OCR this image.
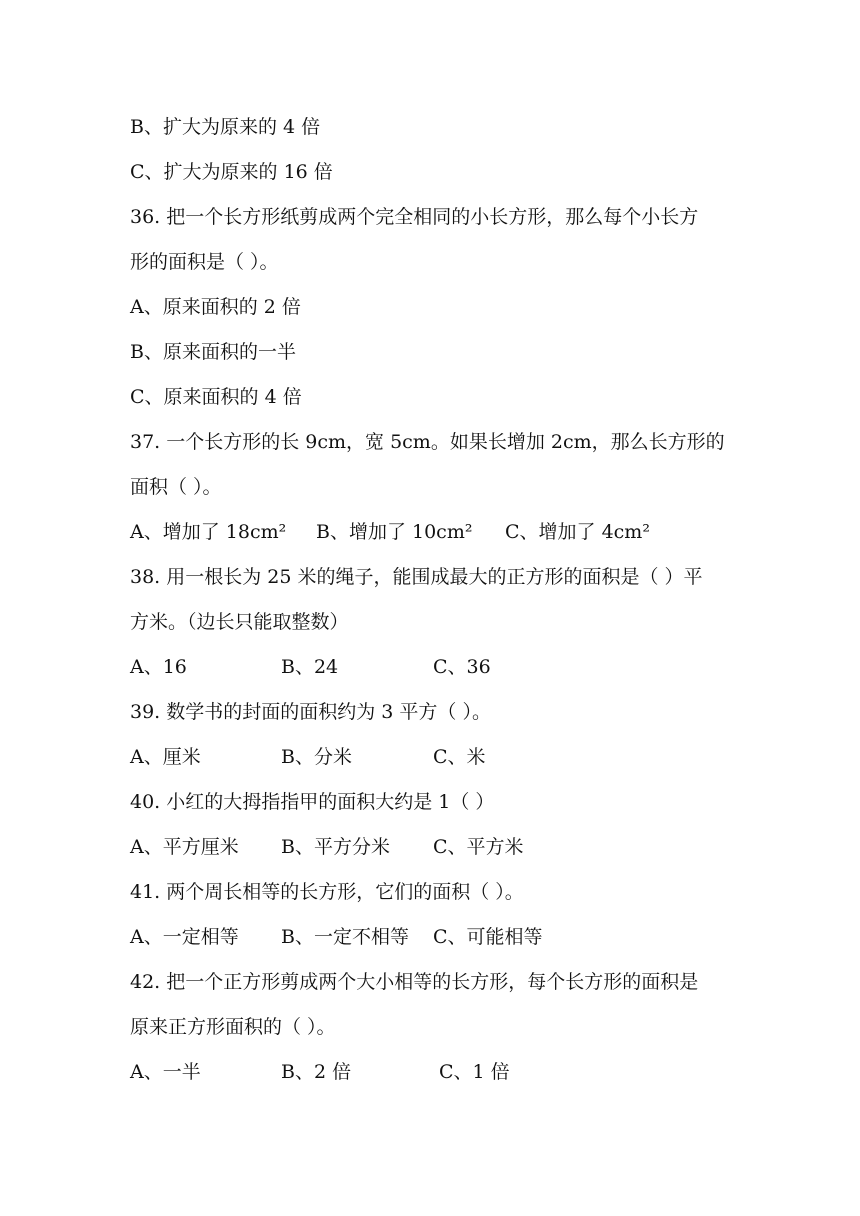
B、扩大为原来的 4 倍
C、扩大为原来的 16 倍
36. 把一个长方形纸剪成两个完全相同的小长方形，那么每个小长方
形的面积是（ ）。
A、原来面积的 2 倍
B、原来面积的一半
C、原来面积的 4 倍
37. 一个长方形的长 9cm，宽 5cm。如果长增加 2cm，那么长方形的
面积（ ）。
A、增加了 18cm² B、增加了 10cm² C、增加了 4cm²
38. 用一根长为 25 米的绳子，能围成最大的正方形的面积是（ ）平
方米。（边长只能取整数）
A、16	B、24	C、36
39. 数学书的封面的面积约为 3 平方（ ）。
A、厘米	B、分米	C、米
40. 小红的大拇指指甲的面积大约是 1（ ）
A、平方厘米 B、平方分米 C、平方米
41. 两个周长相等的长方形，它们的面积（ ）。
A、一定相等 B、一定不相等 C、可能相等
42. 把一个正方形剪成两个大小相等的长方形，每个长方形的面积是
原来正方形面积的（ ）。
A、一半	B、2 倍	C、1 倍
